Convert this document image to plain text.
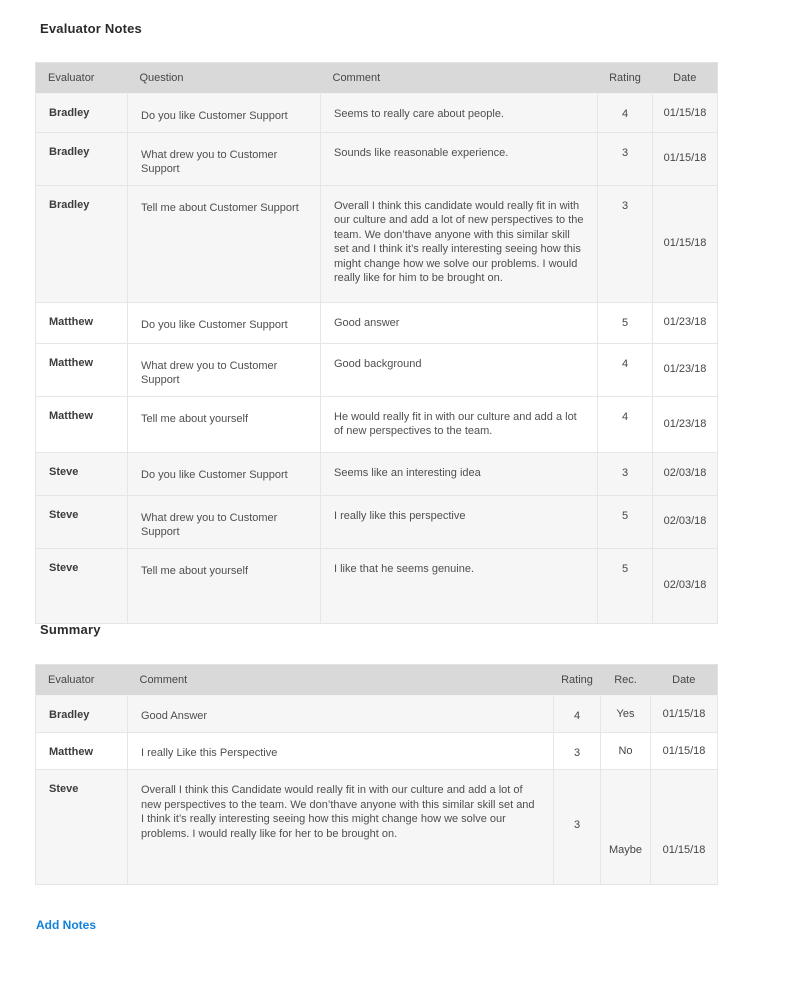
Evaluator Notes
Evaluator	Question	Comment	Rating	Date
Bradley	Do you like Customer Support	Seems to really care about people.	4	01/15/18
Bradley	What drew you to Customer Support	Sounds like reasonable experience.	3	01/15/18
Bradley	Tell me about Customer Support	Overall I think this candidate would really fit in with our culture and add a lot of new perspectives to the team. We don’thave anyone with this similar skill set and I think it’s really interesting seeing how this might change how we solve our problems. I would really like for him to be brought on.	3	01/15/18
Matthew	Do you like Customer Support	Good answer	5	01/23/18
Matthew	What drew you to Customer Support	Good background	4	01/23/18
Matthew	Tell me about yourself	He would really fit in with our culture and add a lot of new perspectives to the team.	4	01/23/18
Steve	Do you like Customer Support	Seems like an interesting idea	3	02/03/18
Steve	What drew you to Customer Support	I really like this perspective	5	02/03/18
Steve	Tell me about yourself	I like that he seems genuine.	5	02/03/18
Summary
Evaluator	Comment	Rating	Rec.	Date
Bradley	Good Answer	4	Yes	01/15/18
Matthew	I really Like this Perspective	3	No	01/15/18
Steve	Overall I think this Candidate would really fit in with our culture and add a lot of new perspectives to the team. We don’thave anyone with this similar skill set and I think it’s really interesting seeing how this might change how we solve our problems. I would really like for her to be brought on.	3	Maybe	01/15/18
Add Notes
